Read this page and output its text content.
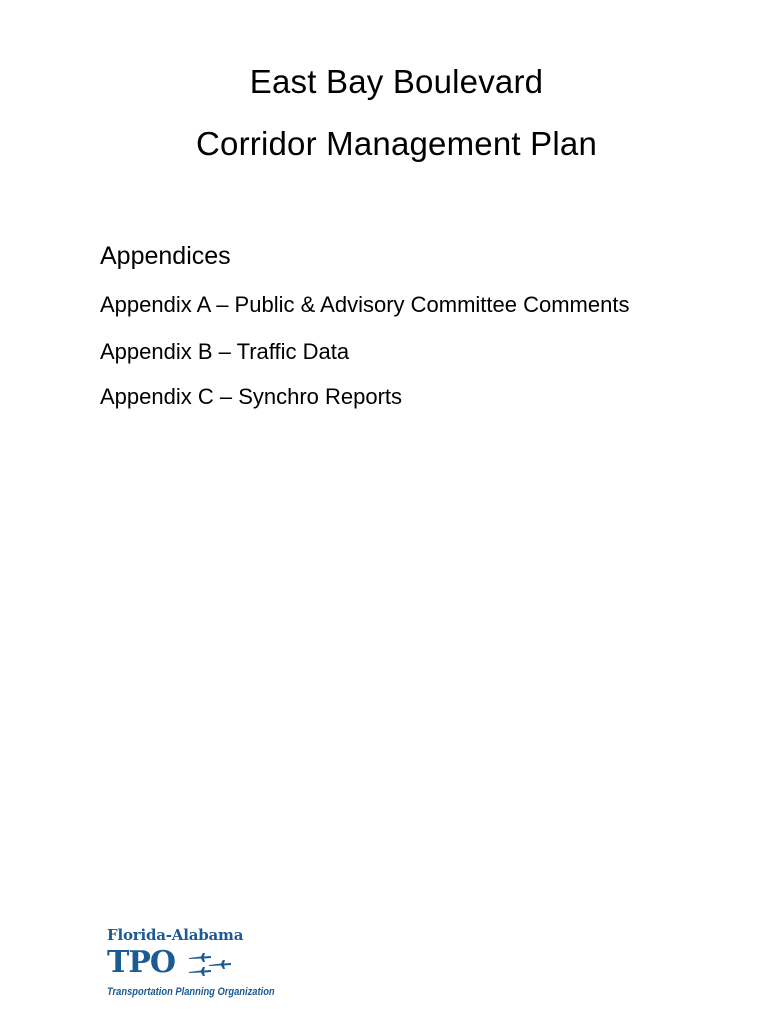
East Bay Boulevard
Corridor Management Plan
Appendices
Appendix A – Public & Advisory Committee Comments
Appendix B – Traffic Data
Appendix C – Synchro Reports
Florida-Alabama
TPO
Transportation Planning Organization
